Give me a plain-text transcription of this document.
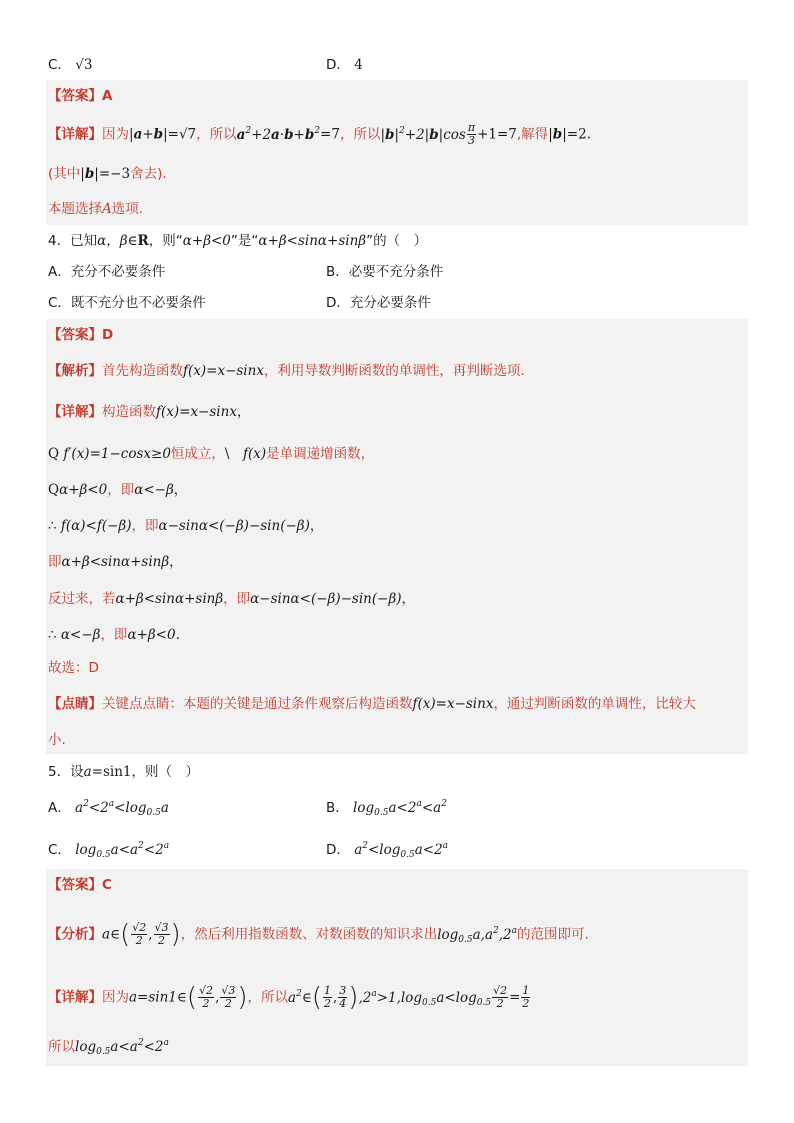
C． √3	D． 4
【答案】A
【详解】因为|a+b|=√7，所以$a^2+2a\cdot b+b^2=7$，所以$|b|^2+2|b|\cos \frac{\pi}{3} +1=7$,解得|b|=2.
(其中|b|=−3舍去).
本题选择A选项.
4．已知α，β∈R，则“α+β<0”是“α+β<sinα+sinβ”的（　）
A．充分不必要条件	B．必要不充分条件
C．既不充分也不必要条件	D．充分必要条件
【答案】D
【解析】首先构造函数f(x)=x−sinx，利用导数判断函数的单调性，再判断选项.
【详解】构造函数f(x)=x−sinx，
Q f′(x)=1−cosx≥0恒成立，\　f(x)是单调递增函数，
Qα+β<0，即α<−β，
∴ f(α)<f(−β)，即α−sinα<(−β)−sin(−β)，
即α+β<sinα+sinβ，
反过来，若α+β<sinα+sinβ，即α−sinα<(−β)−sin(−β)，
∴ α<−β，即α+β<0.
故选：D
【点睛】关键点点睛：本题的关键是通过条件观察后构造函数f(x)=x−sinx，通过判断函数的单调性，比较大
小.
5．设a=sin1，则（　）
A． $a^2<2^a<\log_{0.5}a$	B． $\log_{0.5}a<2^a<a^2$
C． $\log_{0.5}a<a^2<2^a$	D． $a^2<\log_{0.5}a<2^a$
【答案】C
【分析】a∈( $\frac{√2}{2}$ , $\frac{√3}{2}$ )，然后利用指数函数、对数函数的知识求出$\log_{0.5}a,a^2,2^a$的范围即可.
【详解】因为a=sin1∈( $\frac{√2}{2}$ , $\frac{√3}{2}$ )，所以$a^2\in( \frac{1}{2}$ , $\frac{3}{4} ),2^a>1,\log_{0.5}a<\log_{0.5} \frac{√2}{2} = \frac{1}{2}$
所以$\log_{0.5}a<a^2<2^a$
